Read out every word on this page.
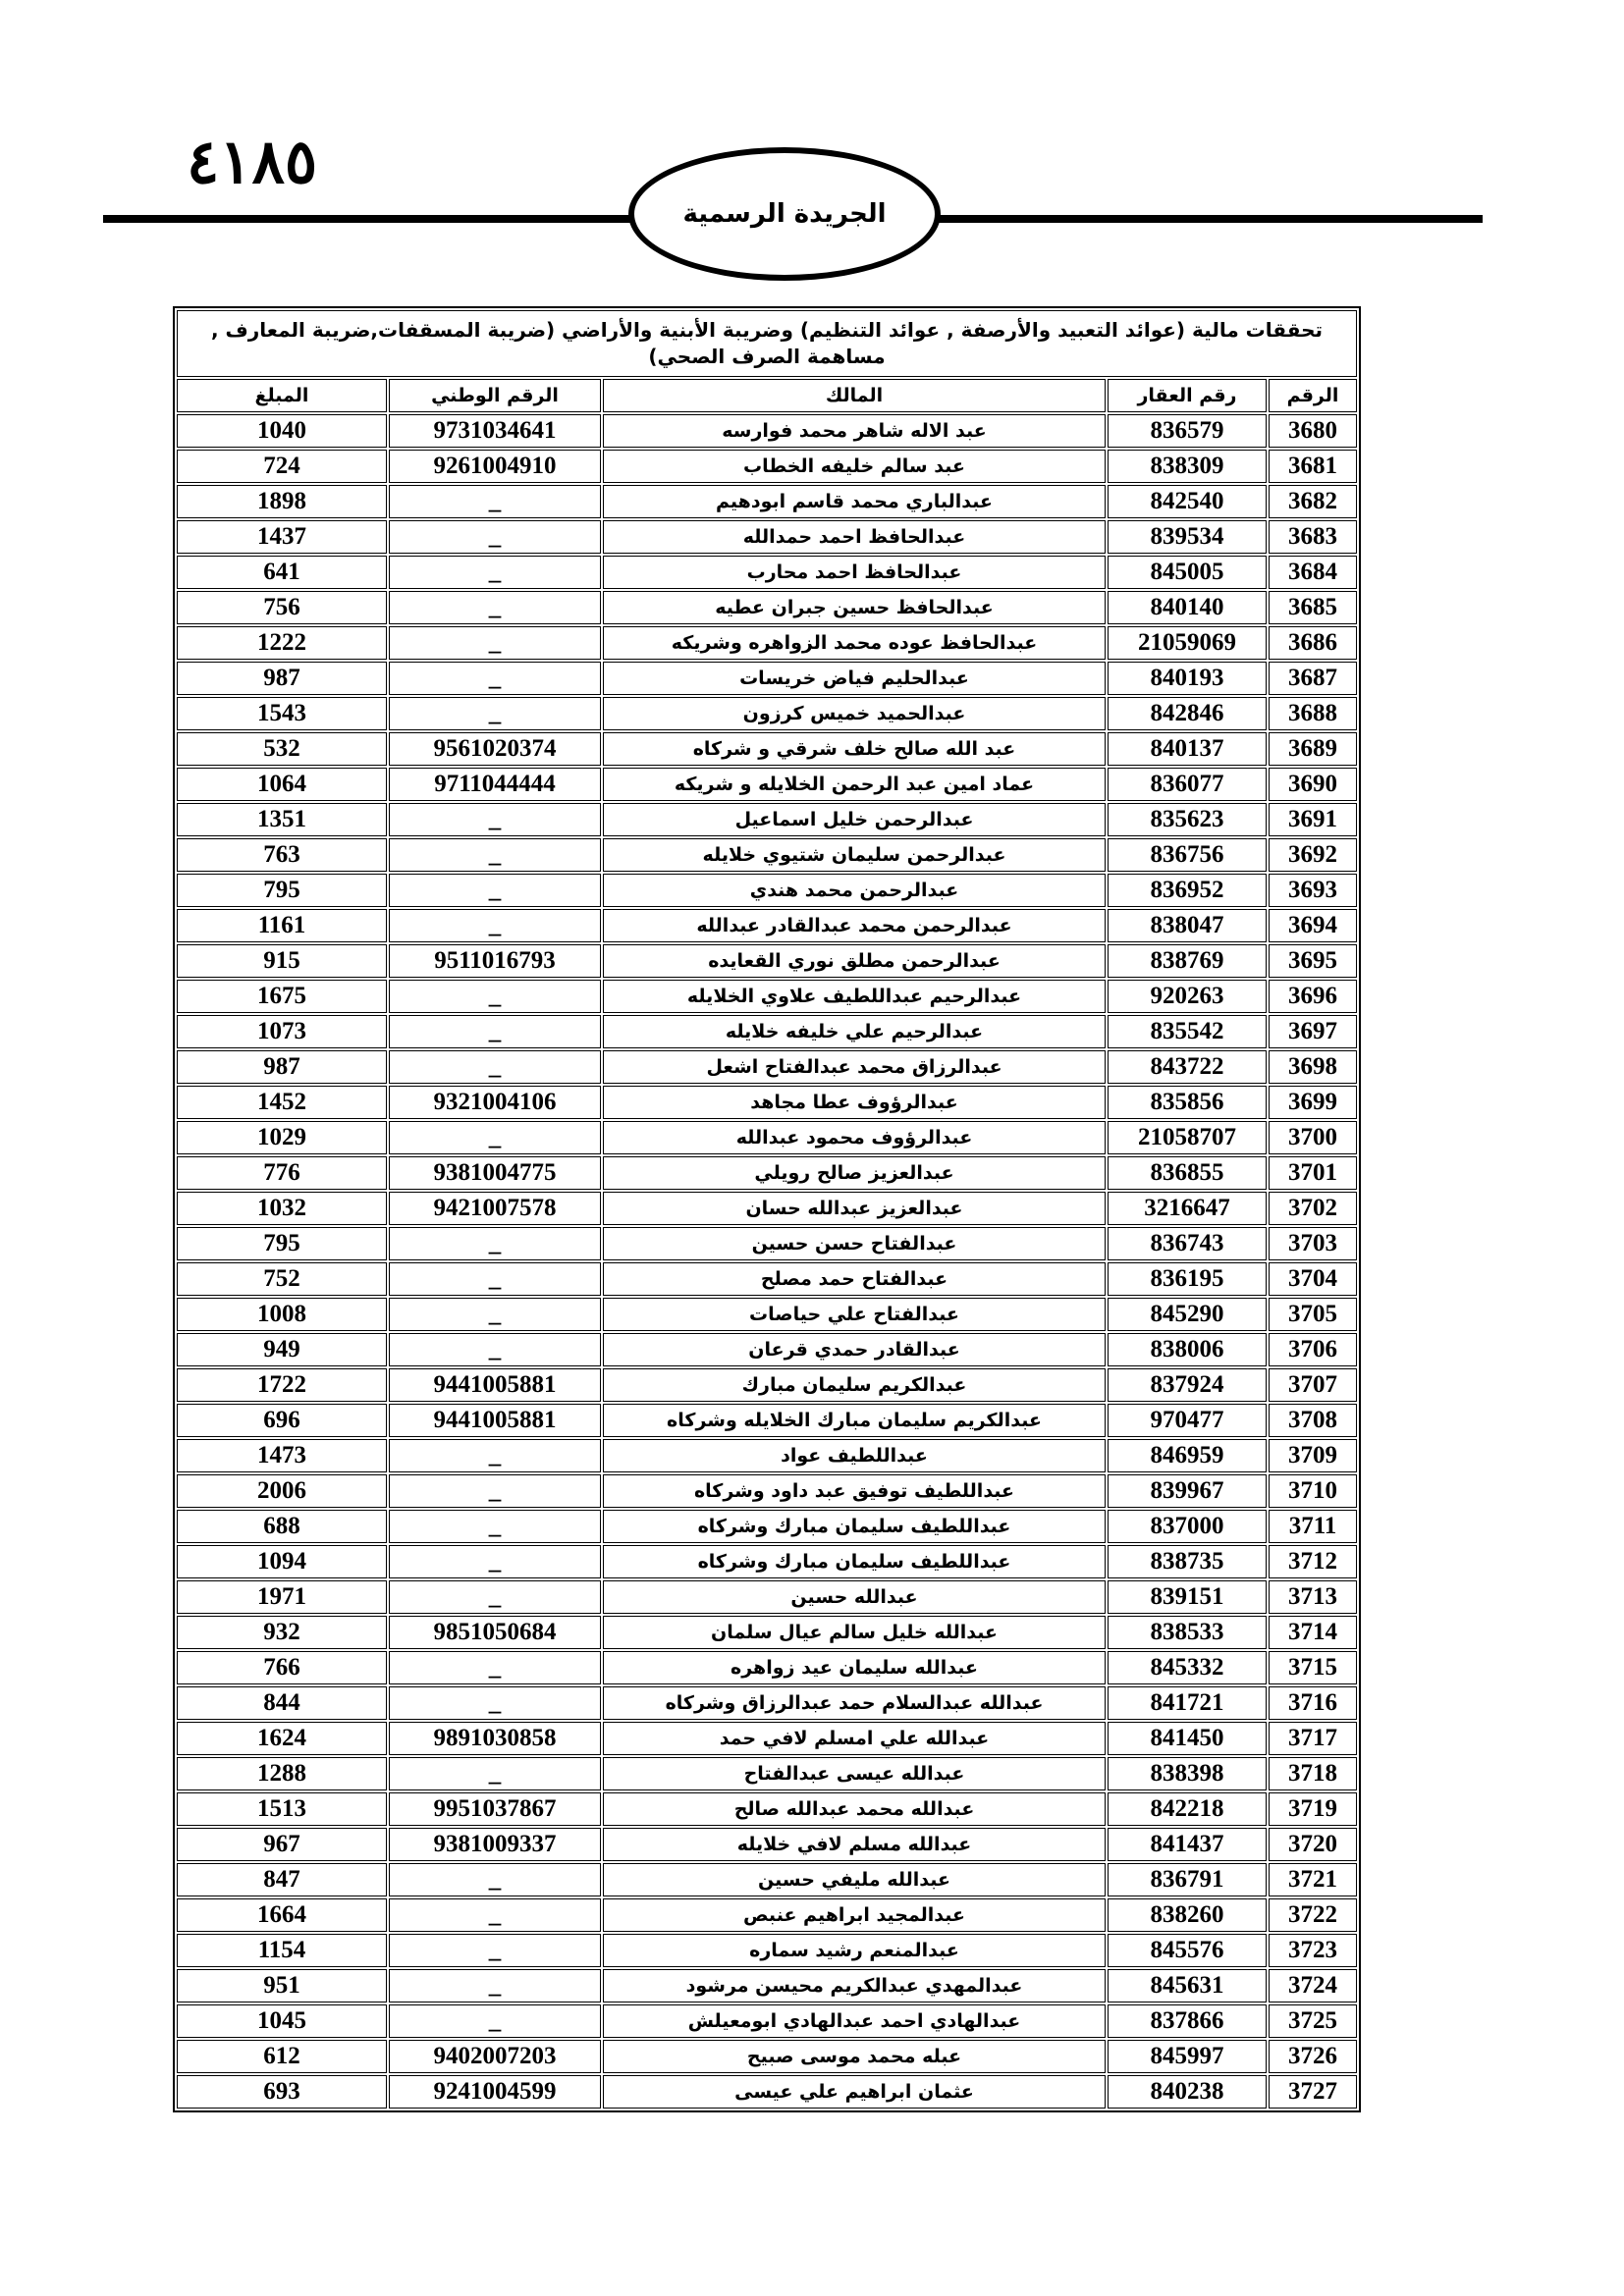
٤١٨٥
الجريدة الرسمية
تحققات مالية (عوائد التعبيد والأرصفة , عوائد التنظيم) وضريبة الأبنية والأراضي (ضريبة المسقفات,ضريبة المعارف , مساهمة الصرف الصحي)				
الرقم	رقم العقار	المالك	الرقم الوطني	المبلغ
3680	836579	عبد الاله شاهر محمد فوارسه	9731034641	1040
3681	838309	عبد سالم خليفه الخطاب	9261004910	724
3682	842540	عبدالباري محمد قاسم ابودهيم	_	1898
3683	839534	عبدالحافظ احمد حمدالله	_	1437
3684	845005	عبدالحافظ احمد محارب	_	641
3685	840140	عبدالحافظ حسين جبران عطيه	_	756
3686	21059069	عبدالحافظ عوده محمد الزواهره وشريكه	_	1222
3687	840193	عبدالحليم فياض خريسات	_	987
3688	842846	عبدالحميد خميس كرزون	_	1543
3689	840137	عبد الله صالح خلف شرقي و شركاه	9561020374	532
3690	836077	عماد امين عبد الرحمن الخلايله و شريكه	9711044444	1064
3691	835623	عبدالرحمن خليل اسماعيل	_	1351
3692	836756	عبدالرحمن سليمان شتيوي خلايله	_	763
3693	836952	عبدالرحمن محمد هندي	_	795
3694	838047	عبدالرحمن محمد عبدالقادر عبدالله	_	1161
3695	838769	عبدالرحمن مطلق نوري القعايده	9511016793	915
3696	920263	عبدالرحيم عبداللطيف علاوي الخلايله	_	1675
3697	835542	عبدالرحيم علي خليفه خلايله	_	1073
3698	843722	عبدالرزاق محمد عبدالفتاح اشعل	_	987
3699	835856	عبدالرؤوف عطا مجاهد	9321004106	1452
3700	21058707	عبدالرؤوف محمود عبدالله	_	1029
3701	836855	عبدالعزيز صالح رويلي	9381004775	776
3702	3216647	عبدالعزيز عبدالله حسان	9421007578	1032
3703	836743	عبدالفتاح حسن حسين	_	795
3704	836195	عبدالفتاح حمد مصلح	_	752
3705	845290	عبدالفتاح علي حياصات	_	1008
3706	838006	عبدالقادر حمدي قرعان	_	949
3707	837924	عبدالكريم سليمان مبارك	9441005881	1722
3708	970477	عبدالكريم سليمان مبارك الخلايله وشركاه	9441005881	696
3709	846959	عبداللطيف عواد	_	1473
3710	839967	عبداللطيف توفيق عبد داود وشركاه	_	2006
3711	837000	عبداللطيف سليمان مبارك وشركاه	_	688
3712	838735	عبداللطيف سليمان مبارك وشركاه	_	1094
3713	839151	عبدالله حسين	_	1971
3714	838533	عبدالله خليل سالم عيال سلمان	9851050684	932
3715	845332	عبدالله سليمان عيد زواهره	_	766
3716	841721	عبدالله عبدالسلام حمد عبدالرزاق وشركاه	_	844
3717	841450	عبدالله علي امسلم لافي حمد	9891030858	1624
3718	838398	عبدالله عيسى عبدالفتاح	_	1288
3719	842218	عبدالله محمد عبدالله صالح	9951037867	1513
3720	841437	عبدالله مسلم لافي خلايله	9381009337	967
3721	836791	عبدالله مليفي حسين	_	847
3722	838260	عبدالمجيد ابراهيم عنبص	_	1664
3723	845576	عبدالمنعم رشيد سماره	_	1154
3724	845631	عبدالمهدي عبدالكريم محيسن مرشود	_	951
3725	837866	عبدالهادي احمد عبدالهادي ابومعيلش	_	1045
3726	845997	عبله محمد موسى صبيح	9402007203	612
3727	840238	عثمان ابراهيم علي عيسى	9241004599	693
